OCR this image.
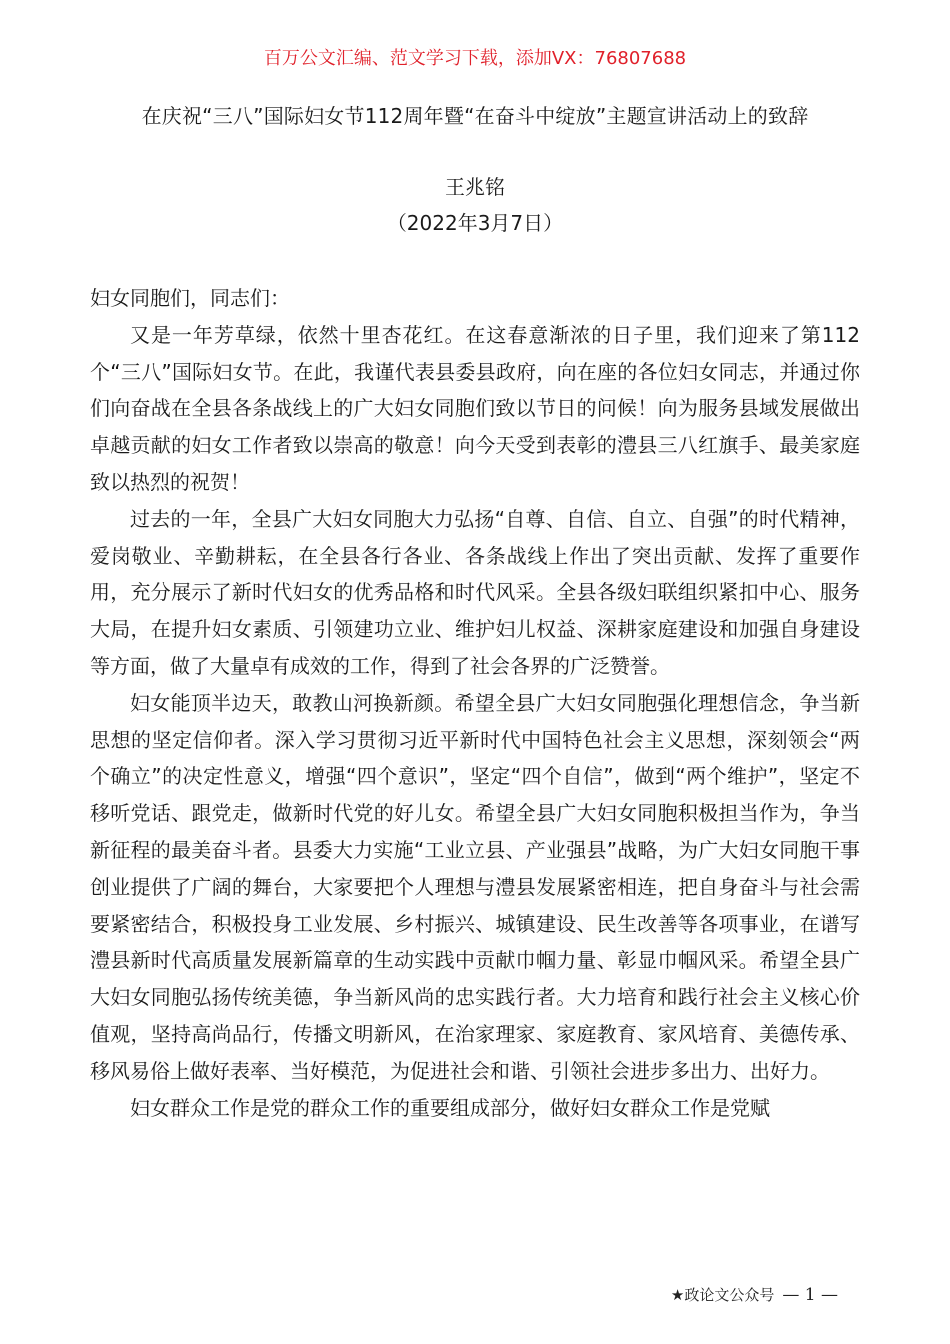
百万公文汇编、范文学习下载，添加VX：76807688
在庆祝“三八”国际妇女节112周年暨“在奋斗中绽放”主题宣讲活动上的致辞
王兆铭
（2022年3月7日）

妇女同胞们，同志们：

又是一年芳草绿，依然十里杏花红。在这春意渐浓的日子里，我们迎来了第112个“三八”国际妇女节。在此，我谨代表县委县政府，向在座的各位妇女同志，并通过你们向奋战在全县各条战线上的广大妇女同胞们致以节日的问候！向为服务县域发展做出卓越贡献的妇女工作者致以崇高的敬意！向今天受到表彰的澧县三八红旗手、最美家庭致以热烈的祝贺！

过去的一年，全县广大妇女同胞大力弘扬“自尊、自信、自立、自强”的时代精神，爱岗敬业、辛勤耕耘，在全县各行各业、各条战线上作出了突出贡献、发挥了重要作用，充分展示了新时代妇女的优秀品格和时代风采。全县各级妇联组织紧扣中心、服务大局，在提升妇女素质、引领建功立业、维护妇儿权益、深耕家庭建设和加强自身建设等方面，做了大量卓有成效的工作，得到了社会各界的广泛赞誉。

妇女能顶半边天，敢教山河换新颜。希望全县广大妇女同胞强化理想信念，争当新思想的坚定信仰者。深入学习贯彻习近平新时代中国特色社会主义思想，深刻领会“两个确立”的决定性意义，增强“四个意识”，坚定“四个自信”，做到“两个维护”，坚定不移听党话、跟党走，做新时代党的好儿女。希望全县广大妇女同胞积极担当作为，争当新征程的最美奋斗者。县委大力实施“工业立县、产业强县”战略，为广大妇女同胞干事创业提供了广阔的舞台，大家要把个人理想与澧县发展紧密相连，把自身奋斗与社会需要紧密结合，积极投身工业发展、乡村振兴、城镇建设、民生改善等各项事业，在谱写澧县新时代高质量发展新篇章的生动实践中贡献巾帼力量、彰显巾帼风采。希望全县广大妇女同胞弘扬传统美德，争当新风尚的忠实践行者。大力培育和践行社会主义核心价值观，坚持高尚品行，传播文明新风，在治家理家、家庭教育、家风培育、美德传承、移风易俗上做好表率、当好模范，为促进社会和谐、引领社会进步多出力、出好力。

妇女群众工作是党的群众工作的重要组成部分，做好妇女群众工作是党赋

★政论文公众号 — 1 —
